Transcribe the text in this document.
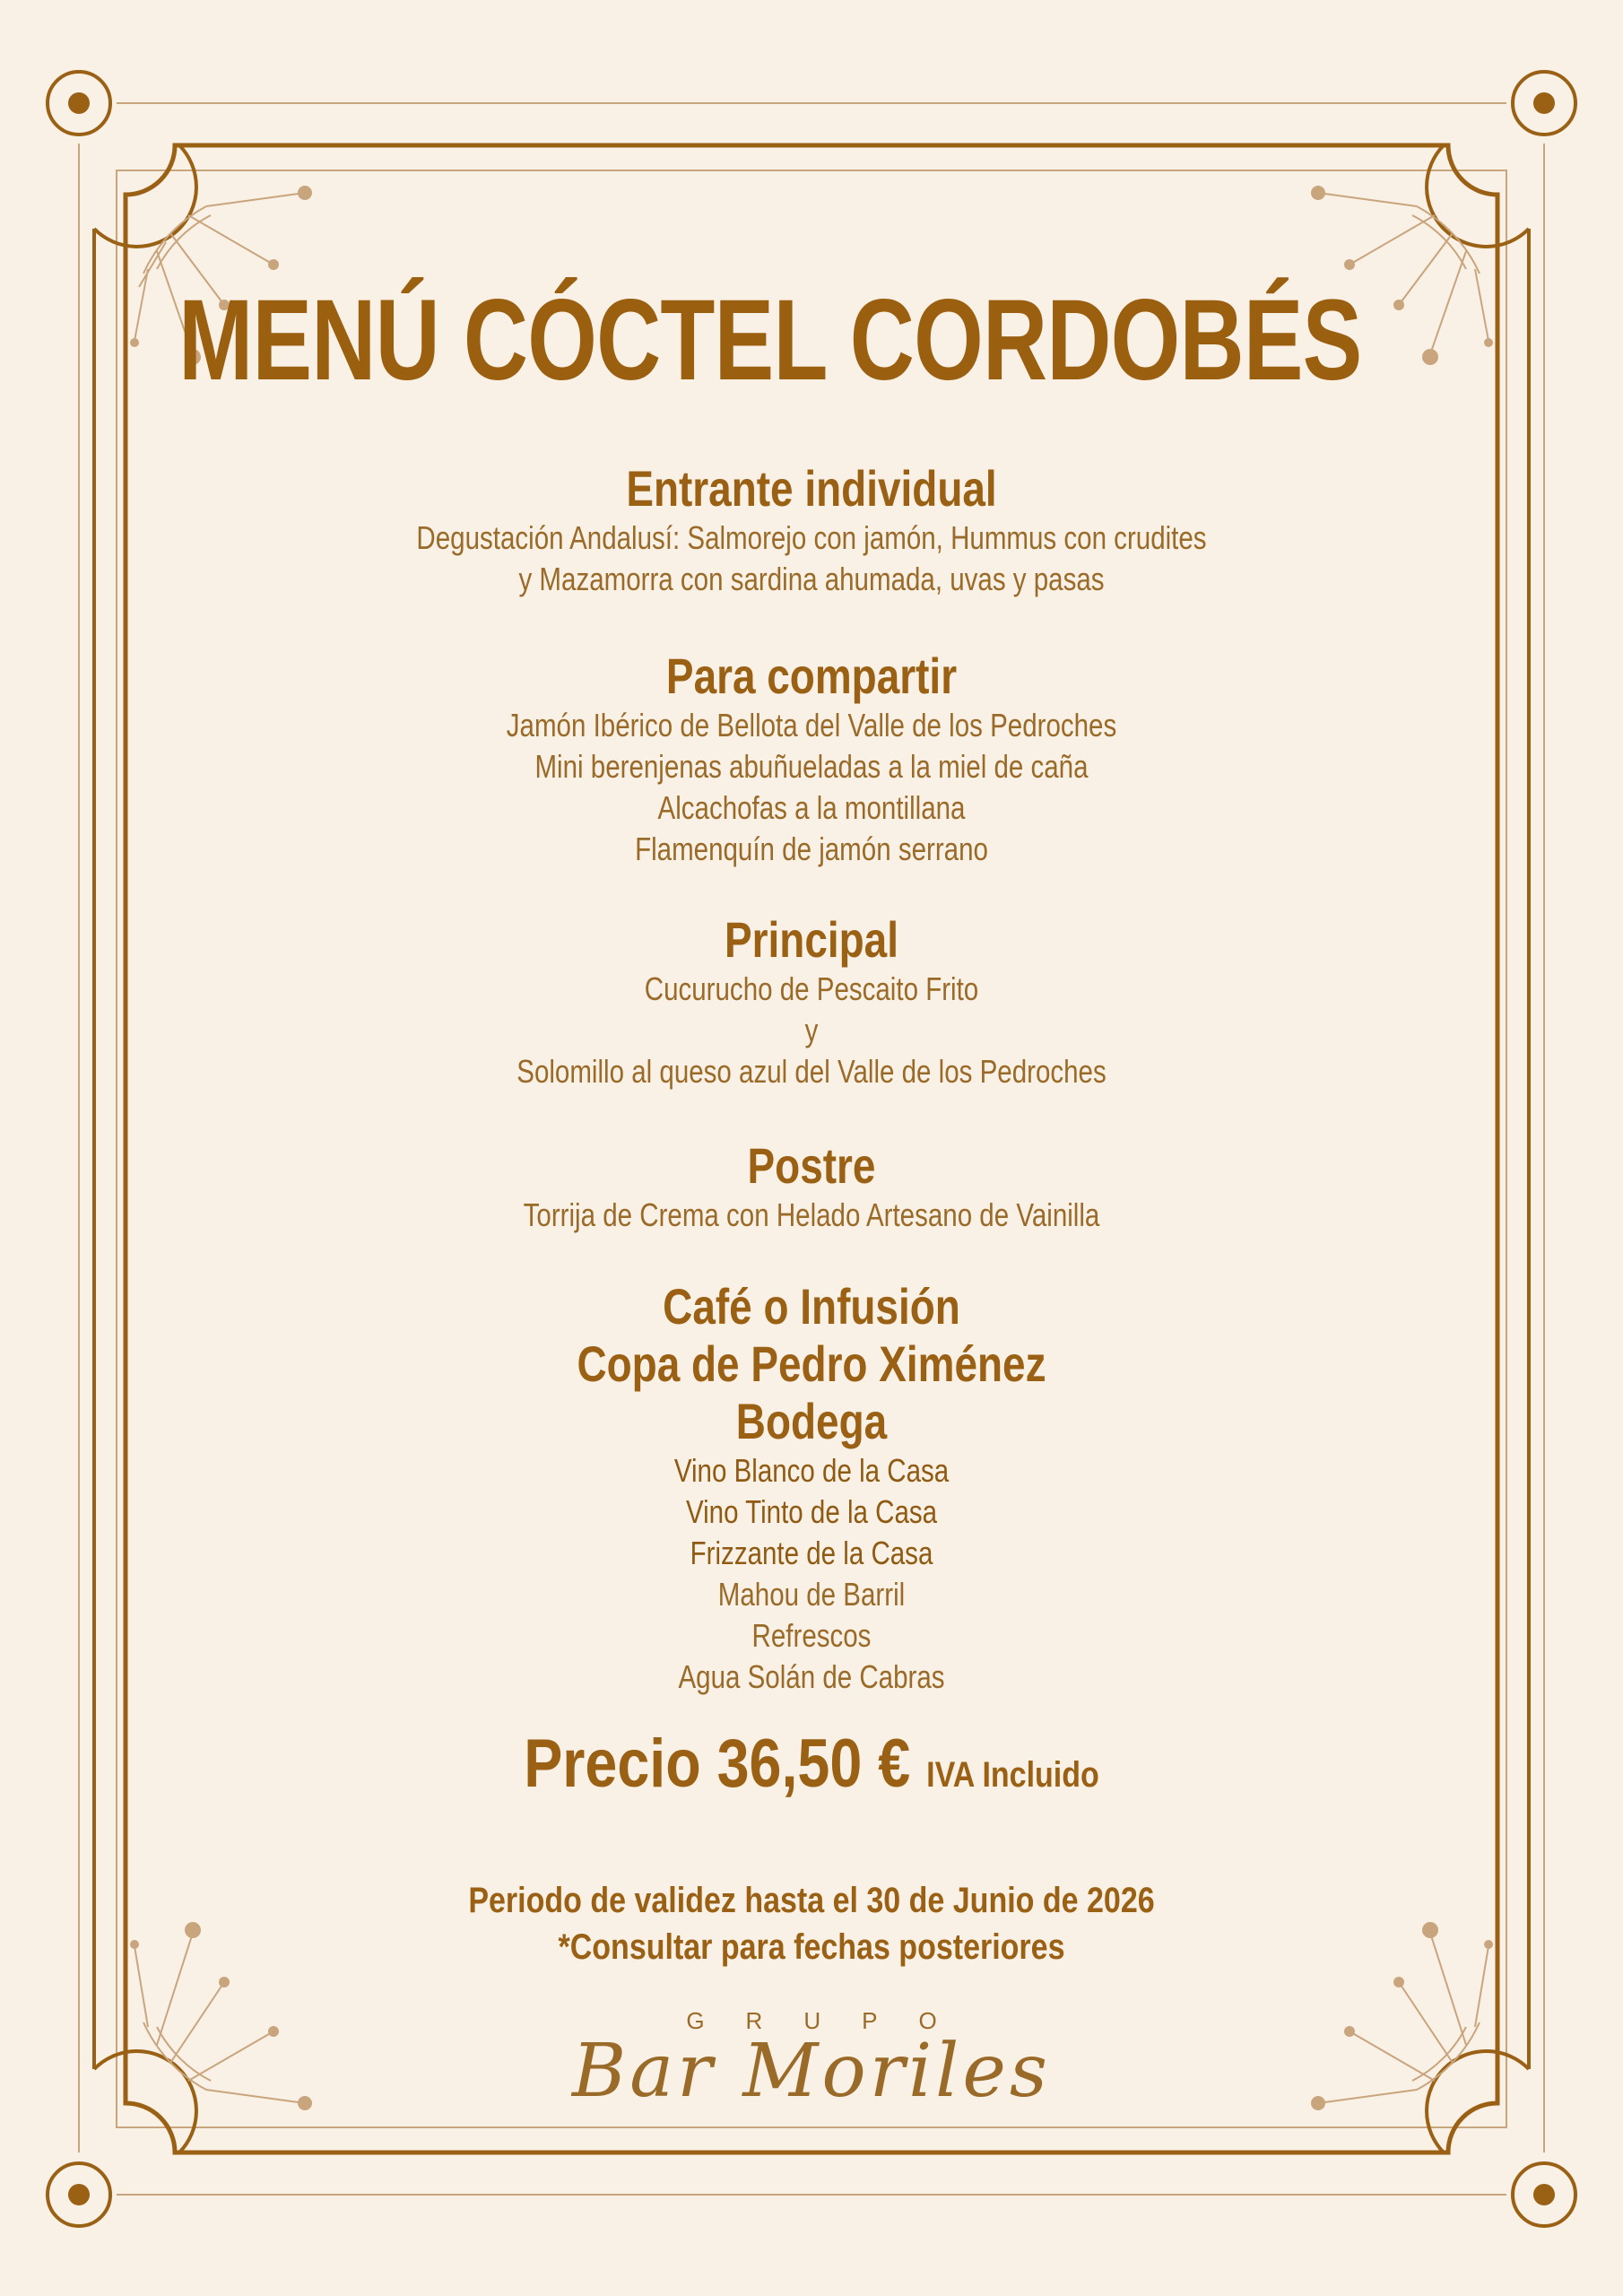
MENÚ CÓCTEL CORDOBÉS
Entrante individual
Degustación Andalusí: Salmorejo con jamón, Hummus con crudites
y Mazamorra con sardina ahumada, uvas y pasas
Para compartir
Jamón Ibérico de Bellota del Valle de los Pedroches
Mini berenjenas abuñueladas a la miel de caña
Alcachofas a la montillana
Flamenquín de jamón serrano
Principal
Cucurucho de Pescaito Frito
y
Solomillo al queso azul del Valle de los Pedroches
Postre
Torrija de Crema con Helado Artesano de Vainilla
Café o Infusión
Copa de Pedro Ximénez
Bodega
Vino Blanco de la Casa
Vino Tinto de la Casa
Frizzante de la Casa
Mahou de Barril
Refrescos
Agua Solán de Cabras
Precio 36,50 € IVA Incluido
Periodo de validez hasta el 30 de Junio de 2026
*Consultar para fechas posteriores
GRUPO
Bar Moriles
